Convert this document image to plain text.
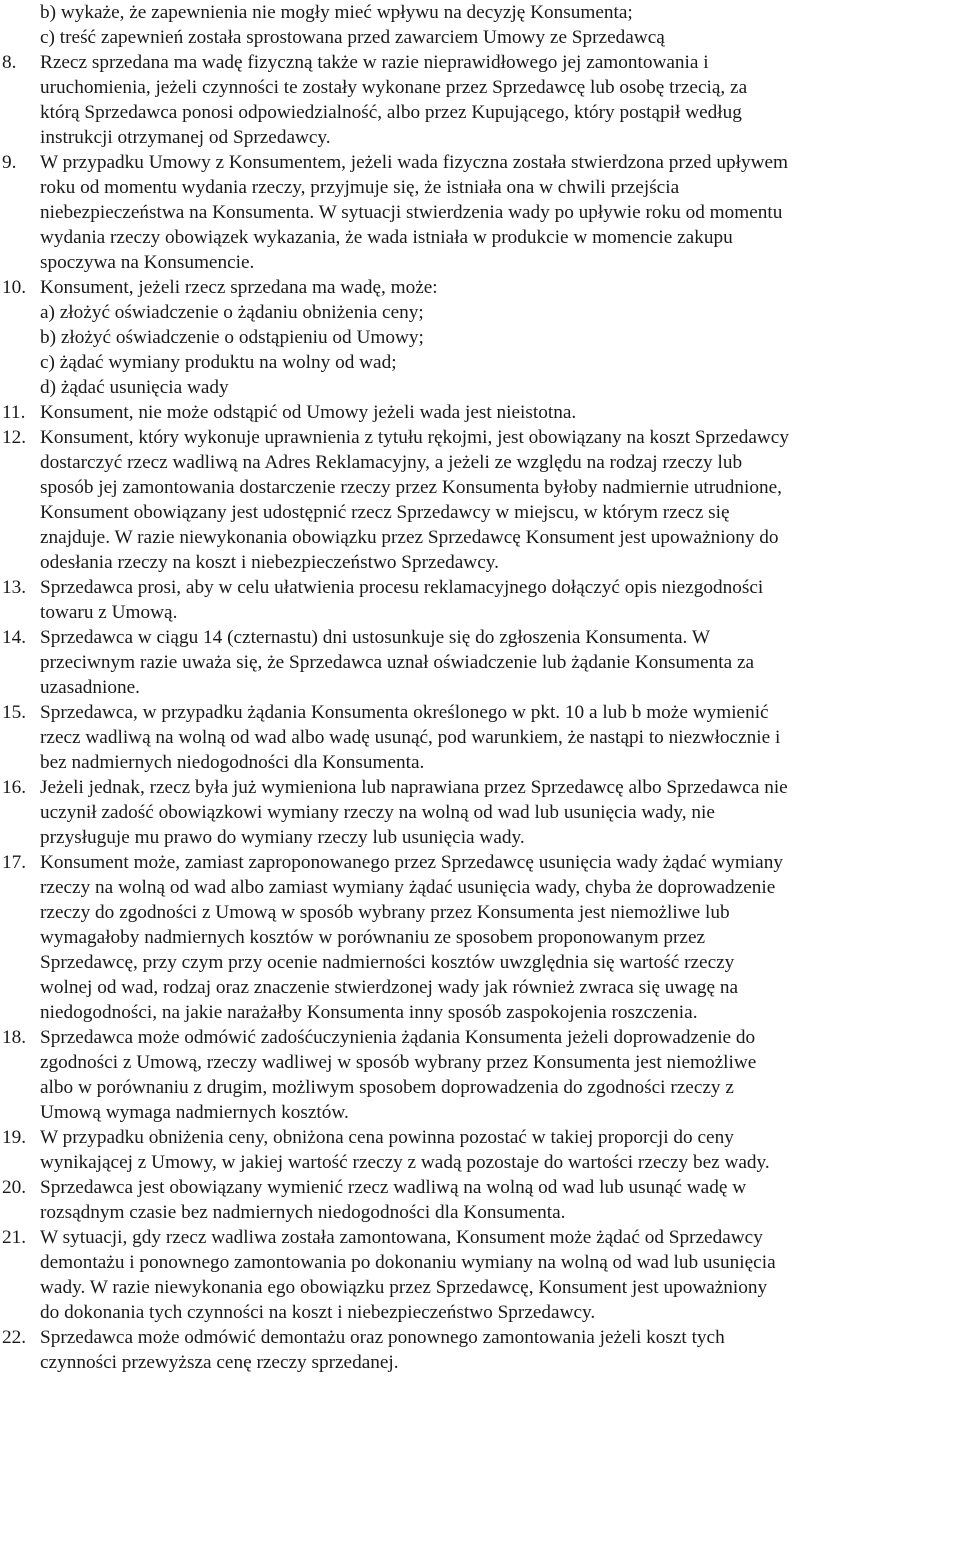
b) wykaże, że zapewnienia nie mogły mieć wpływu na decyzję Konsumenta;
c) treść zapewnień została sprostowana przed zawarciem Umowy ze Sprzedawcą
8.	Rzecz sprzedana ma wadę fizyczną także w razie nieprawidłowego jej zamontowania i
uruchomienia, jeżeli czynności te zostały wykonane przez Sprzedawcę lub osobę trzecią, za
którą Sprzedawca ponosi odpowiedzialność, albo przez Kupującego, który postąpił według
instrukcji otrzymanej od Sprzedawcy.
9.	W przypadku Umowy z Konsumentem, jeżeli wada fizyczna została stwierdzona przed upływem
roku od momentu wydania rzeczy, przyjmuje się, że istniała ona w chwili przejścia
niebezpieczeństwa na Konsumenta. W sytuacji stwierdzenia wady po upływie roku od momentu
wydania rzeczy obowiązek wykazania, że wada istniała w produkcie w momencie zakupu
spoczywa na Konsumencie.
10. Konsument, jeżeli rzecz sprzedana ma wadę, może:
a) złożyć oświadczenie o żądaniu obniżenia ceny;
b) złożyć oświadczenie o odstąpieniu od Umowy;
c) żądać wymiany produktu na wolny od wad;
d) żądać usunięcia wady
11. Konsument, nie może odstąpić od Umowy jeżeli wada jest nieistotna.
12. Konsument, który wykonuje uprawnienia z tytułu rękojmi, jest obowiązany na koszt Sprzedawcy
dostarczyć rzecz wadliwą na Adres Reklamacyjny, a jeżeli ze względu na rodzaj rzeczy lub
sposób jej zamontowania dostarczenie rzeczy przez Konsumenta byłoby nadmiernie utrudnione,
Konsument obowiązany jest udostępnić rzecz Sprzedawcy w miejscu, w którym rzecz się
znajduje. W razie niewykonania obowiązku przez Sprzedawcę Konsument jest upoważniony do
odesłania rzeczy na koszt i niebezpieczeństwo Sprzedawcy.
13. Sprzedawca prosi, aby w celu ułatwienia procesu reklamacyjnego dołączyć opis niezgodności
towaru z Umową.
14. Sprzedawca w ciągu 14 (czternastu) dni ustosunkuje się do zgłoszenia Konsumenta. W
przeciwnym razie uważa się, że Sprzedawca uznał oświadczenie lub żądanie Konsumenta za
uzasadnione.
15. Sprzedawca, w przypadku żądania Konsumenta określonego w pkt. 10 a lub b może wymienić
rzecz wadliwą na wolną od wad albo wadę usunąć, pod warunkiem, że nastąpi to niezwłocznie i
bez nadmiernych niedogodności dla Konsumenta.
16. Jeżeli jednak, rzecz była już wymieniona lub naprawiana przez Sprzedawcę albo Sprzedawca nie
uczynił zadość obowiązkowi wymiany rzeczy na wolną od wad lub usunięcia wady, nie
przysługuje mu prawo do wymiany rzeczy lub usunięcia wady.
17. Konsument może, zamiast zaproponowanego przez Sprzedawcę usunięcia wady żądać wymiany
rzeczy na wolną od wad albo zamiast wymiany żądać usunięcia wady, chyba że doprowadzenie
rzeczy do zgodności z Umową w sposób wybrany przez Konsumenta jest niemożliwe lub
wymagałoby nadmiernych kosztów w porównaniu ze sposobem proponowanym przez
Sprzedawcę, przy czym przy ocenie nadmierności kosztów uwzględnia się wartość rzeczy
wolnej od wad, rodzaj oraz znaczenie stwierdzonej wady jak również zwraca się uwagę na
niedogodności, na jakie narażałby Konsumenta inny sposób zaspokojenia roszczenia.
18. Sprzedawca może odmówić zadośćuczynienia żądania Konsumenta jeżeli doprowadzenie do
zgodności z Umową, rzeczy wadliwej w sposób wybrany przez Konsumenta jest niemożliwe
albo w porównaniu z drugim, możliwym sposobem doprowadzenia do zgodności rzeczy z
Umową wymaga nadmiernych kosztów.
19. W przypadku obniżenia ceny, obniżona cena powinna pozostać w takiej proporcji do ceny
wynikającej z Umowy, w jakiej wartość rzeczy z wadą pozostaje do wartości rzeczy bez wady.
20. Sprzedawca jest obowiązany wymienić rzecz wadliwą na wolną od wad lub usunąć wadę w
rozsądnym czasie bez nadmiernych niedogodności dla Konsumenta.
21. W sytuacji, gdy rzecz wadliwa została zamontowana, Konsument może żądać od Sprzedawcy
demontażu i ponownego zamontowania po dokonaniu wymiany na wolną od wad lub usunięcia
wady. W razie niewykonania ego obowiązku przez Sprzedawcę, Konsument jest upoważniony
do dokonania tych czynności na koszt i niebezpieczeństwo Sprzedawcy.
22. Sprzedawca może odmówić demontażu oraz ponownego zamontowania jeżeli koszt tych
czynności przewyższa cenę rzeczy sprzedanej.
